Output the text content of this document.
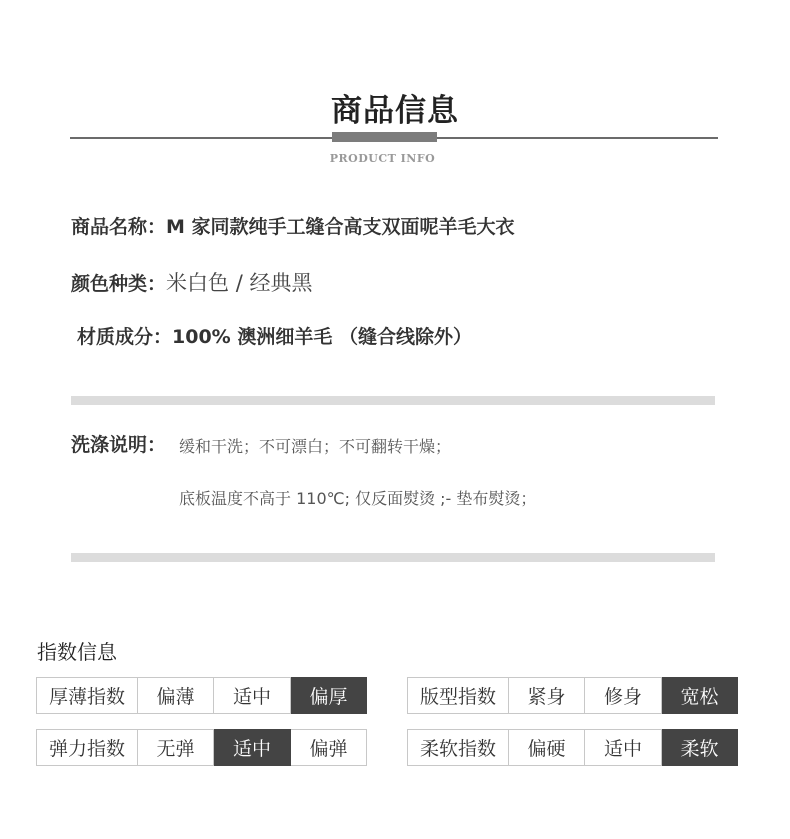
商品信息
PRODUCT INFO
商品名称：M 家同款纯手工缝合高支双面呢羊毛大衣
颜色种类：米白色 / 经典黑
材质成分：100% 澳洲细羊毛 （缝合线除外）
洗涤说明： 缓和干洗；不可漂白；不可翻转干燥；
底板温度不高于 110℃; 仅反面熨烫 ;- 垫布熨烫；
指数信息
厚薄指数	偏薄	适中	偏厚	版型指数	紧身	修身	宽松
弹力指数	无弹	适中	偏弹	柔软指数	偏硬	适中	柔软
